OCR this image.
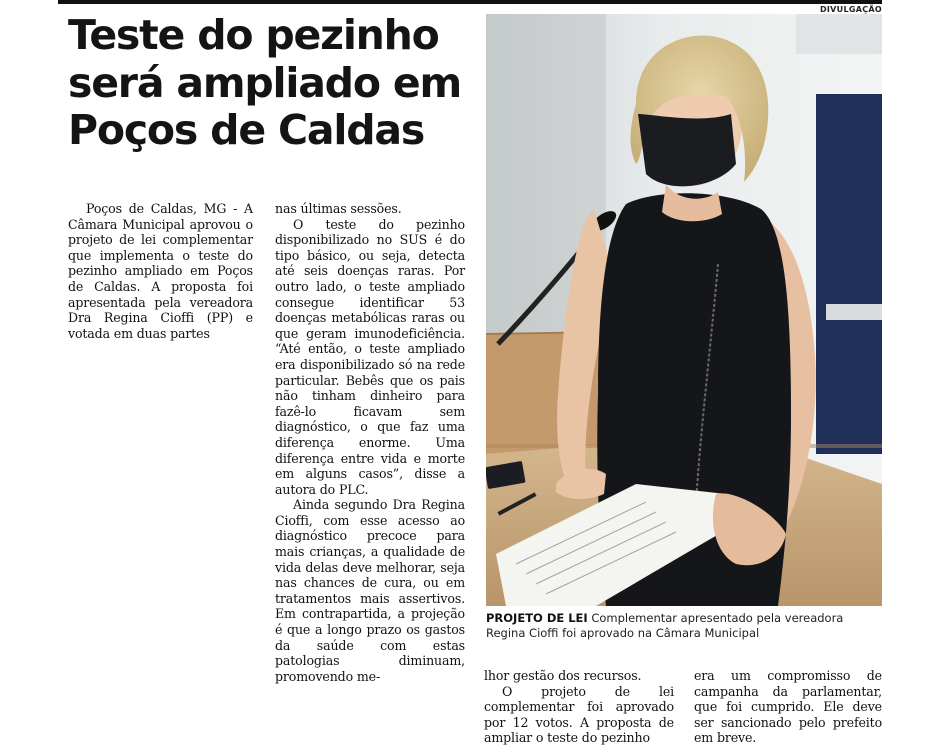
DIVULGAÇÃO
Teste do pezinho
será ampliado em
Poços de Caldas

Poços de Caldas, MG - A Câmara Municipal aprovou o projeto de lei complementar que implementa o teste do pezinho ampliado em Poços de Caldas. A proposta foi apresentada pela vereadora Dra Regina Cioffi (PP) e votada em duas partes

nas últimas sessões.

O teste do pezinho disponibilizado no SUS é do tipo básico, ou seja, detecta até seis doenças raras. Por outro lado, o teste ampliado consegue identificar 53 doenças metabólicas raras ou que geram imunodeficiência. “Até então, o teste ampliado era disponibilizado só na rede particular. Bebês que os pais não tinham dinheiro para fazê-lo ficavam sem diagnóstico, o que faz uma diferença enorme. Uma diferença entre vida e morte em alguns casos”, disse a autora do PLC.

Ainda segundo Dra Regina Cioffi, com esse acesso ao diagnóstico precoce para mais crianças, a qualidade de vida delas deve melhorar, seja nas chances de cura, ou em tratamentos mais assertivos. Em contrapartida, a projeção é que a longo prazo os gastos da saúde com estas patologias diminuam, promovendo me-

PROJETO DE LEI Complementar apresentado pela vereadora Regina Cioffi foi aprovado na Câmara Municipal

lhor gestão dos recursos.

O projeto de lei complementar foi aprovado por 12 votos. A proposta de ampliar o teste do pezinho

era um compromisso de campanha da parlamentar, que foi cumprido. Ele deve ser sancionado pelo prefeito em breve.
